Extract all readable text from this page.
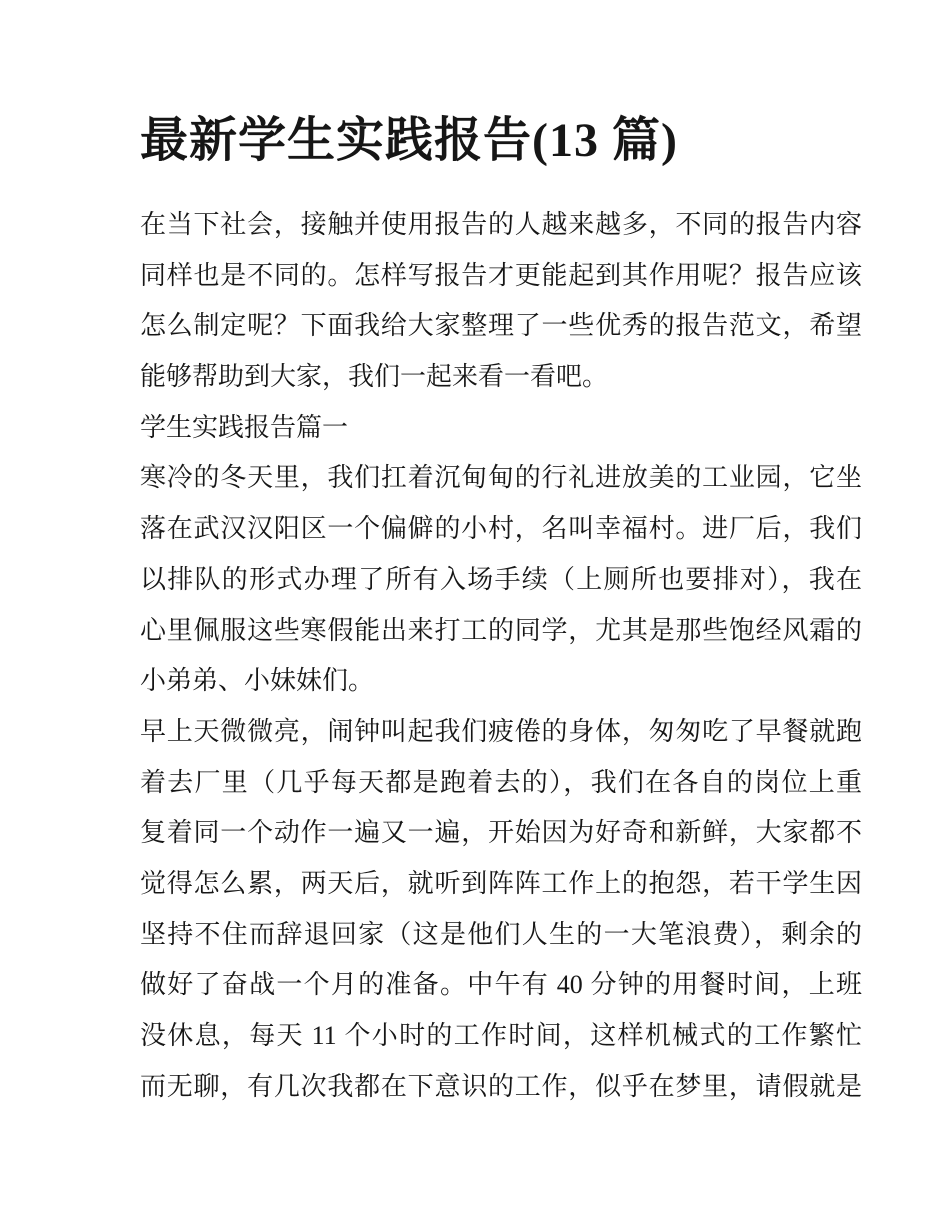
最新学生实践报告(13 篇)
在当下社会，接触并使用报告的人越来越多，不同的报告内容
同样也是不同的。怎样写报告才更能起到其作用呢？报告应该
怎么制定呢？下面我给大家整理了一些优秀的报告范文，希望
能够帮助到大家，我们一起来看一看吧。
学生实践报告篇一
寒冷的冬天里，我们扛着沉甸甸的行礼进放美的工业园，它坐
落在武汉汉阳区一个偏僻的小村，名叫幸福村。进厂后，我们
以排队的形式办理了所有入场手续（上厕所也要排对），我在
心里佩服这些寒假能出来打工的同学，尤其是那些饱经风霜的
小弟弟、小妹妹们。
早上天微微亮，闹钟叫起我们疲倦的身体，匆匆吃了早餐就跑
着去厂里（几乎每天都是跑着去的），我们在各自的岗位上重
复着同一个动作一遍又一遍，开始因为好奇和新鲜，大家都不
觉得怎么累，两天后，就听到阵阵工作上的抱怨，若干学生因
坚持不住而辞退回家（这是他们人生的一大笔浪费），剩余的
做好了奋战一个月的准备。中午有 40 分钟的用餐时间，上班
没休息，每天 11 个小时的工作时间，这样机械式的工作繁忙
而无聊，有几次我都在下意识的工作，似乎在梦里，请假就是
